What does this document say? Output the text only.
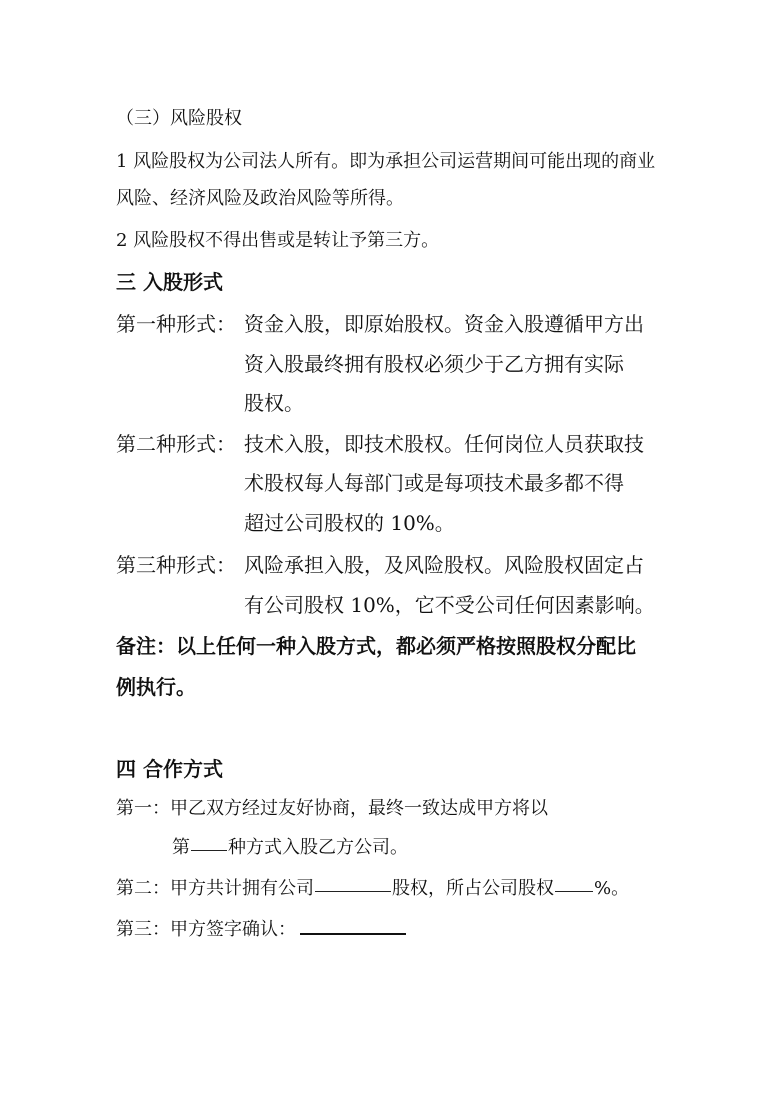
（三）风险股权
1 风险股权为公司法人所有。即为承担公司运营期间可能出现的商业
风险、经济风险及政治风险等所得。
2 风险股权不得出售或是转让予第三方。
三 入股形式
第一种形式： 资金入股，即原始股权。资金入股遵循甲方出
资入股最终拥有股权必须少于乙方拥有实际
股权。
第二种形式： 技术入股，即技术股权。任何岗位人员获取技
术股权每人每部门或是每项技术最多都不得
超过公司股权的 10%。
第三种形式： 风险承担入股，及风险股权。风险股权固定占
有公司股权 10%，它不受公司任何因素影响。
备注：以上任何一种入股方式，都必须严格按照股权分配比
例执行。
四 合作方式
第一：甲乙双方经过友好协商，最终一致达成甲方将以
第 种方式入股乙方公司。
第二：甲方共计拥有公司	股权，所占公司股权 %。
第三：甲方签字确认：
